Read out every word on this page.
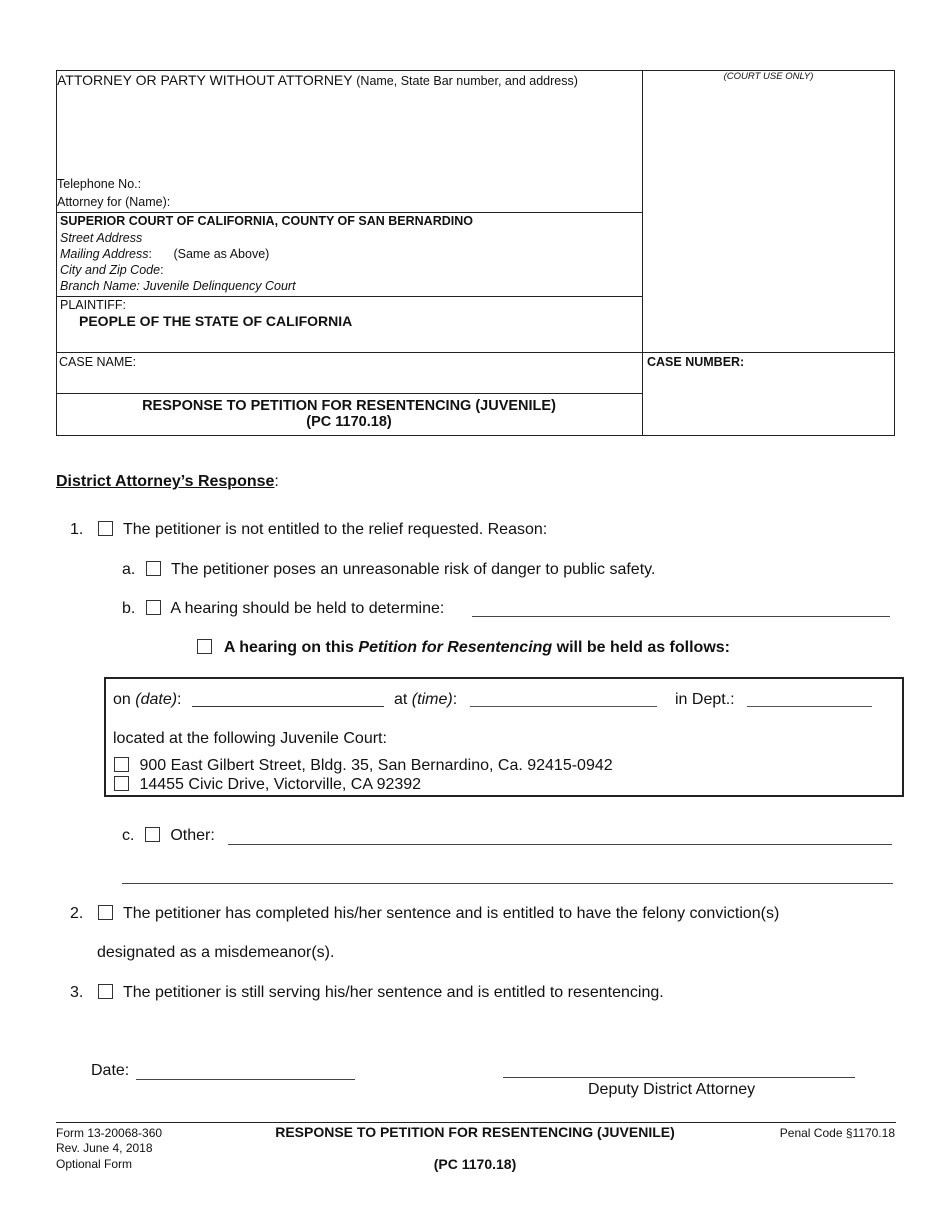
ATTORNEY OR PARTY WITHOUT ATTORNEY (Name, State Bar number, and address)	(COURT USE ONLY)
Telephone No.:
Attorney for (Name):
SUPERIOR COURT OF CALIFORNIA, COUNTY OF SAN BERNARDINO
Street Address
Mailing Address: (Same as Above)
City and Zip Code:
Branch Name: Juvenile Delinquency Court
PLAINTIFF:
PEOPLE OF THE STATE OF CALIFORNIA
CASE NAME:	CASE NUMBER:
RESPONSE TO PETITION FOR RESENTENCING (JUVENILE)
(PC 1170.18)
District Attorney’s Response:
1. The petitioner is not entitled to the relief requested. Reason:
a. The petitioner poses an unreasonable risk of danger to public safety.
b. A hearing should be held to determine:
A hearing on this Petition for Resentencing will be held as follows:
on (date):	at (time):	in Dept.:
located at the following Juvenile Court:
900 East Gilbert Street, Bldg. 35, San Bernardino, Ca. 92415-0942
14455 Civic Drive, Victorville, CA 92392
c. Other:
2. The petitioner has completed his/her sentence and is entitled to have the felony conviction(s)
designated as a misdemeanor(s).
3. The petitioner is still serving his/her sentence and is entitled to resentencing.
Date:
Deputy District Attorney
Form 13-20068-360
Rev. June 4, 2018
Optional Form
RESPONSE TO PETITION FOR RESENTENCING (JUVENILE)
(PC 1170.18)
Penal Code §1170.18
